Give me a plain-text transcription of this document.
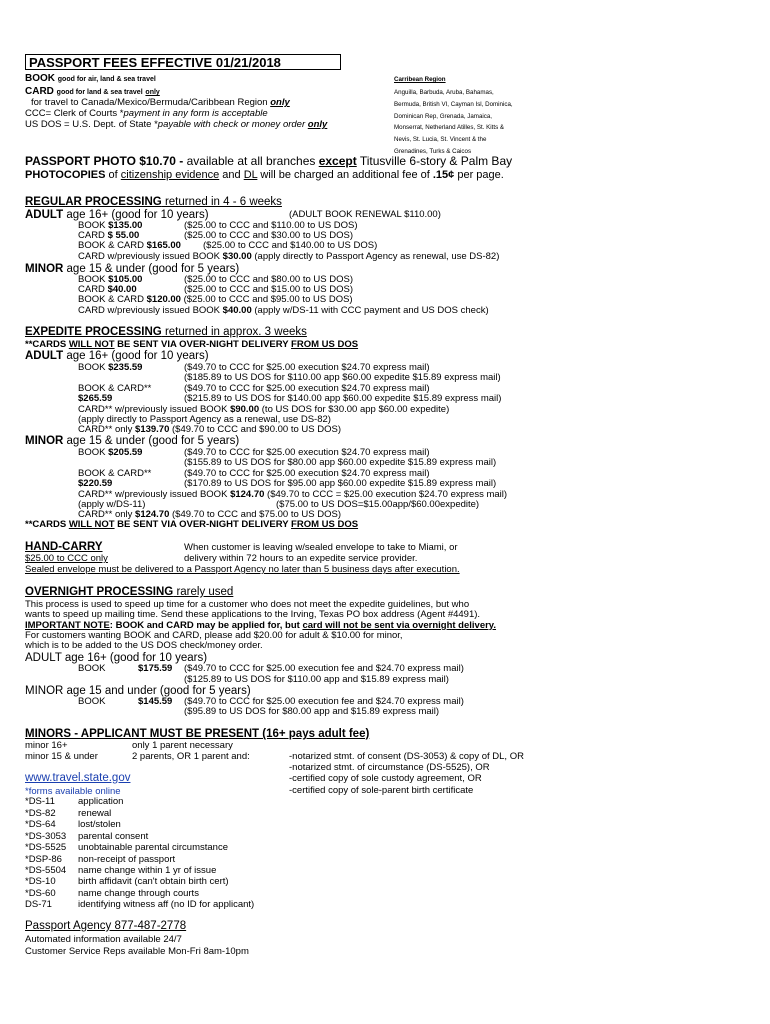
PASSPORT FEES EFFECTIVE 01/21/2018
BOOK good for air, land & sea travel
CARD good for land & sea travel only
for travel to Canada/Mexico/Bermuda/Caribbean Region only
CCC= Clerk of Courts *payment in any form is acceptable
US DOS = U.S. Dept. of State *payable with check or money order only
Carribean Region
Anguilla, Barbuda, Aruba, Bahamas,
Bermuda, British VI, Cayman Isl, Dominica,
Dominican Rep, Grenada, Jamaica,
Monserrat, Netherland Atilles, St. Kitts &
Nevis, St. Lucia, St. Vincent & the
Grenadines, Turks & Caicos
PASSPORT PHOTO $10.70 - available at all branches except Titusville 6-story & Palm Bay
PHOTOCOPIES of citizenship evidence and DL will be charged an additional fee of .15¢ per page.
REGULAR PROCESSING returned in 4 - 6 weeks
ADULT age 16+ (good for 10 years)	(ADULT BOOK RENEWAL $110.00)
BOOK $135.00	($25.00 to CCC and $110.00 to US DOS)
CARD $ 55.00	($25.00 to CCC and $30.00 to US DOS)
BOOK & CARD $165.00 ($25.00 to CCC and $140.00 to US DOS)
CARD w/previously issued BOOK $30.00 (apply directly to Passport Agency as renewal, use DS-82)
MINOR age 15 & under (good for 5 years)
BOOK $105.00	($25.00 to CCC and $80.00 to US DOS)
CARD $40.00	($25.00 to CCC and $15.00 to US DOS)
BOOK & CARD $120.00 ($25.00 to CCC and $95.00 to US DOS)
CARD w/previously issued BOOK $40.00 (apply w/DS-11 with CCC payment and US DOS check)
EXPEDITE PROCESSING returned in approx. 3 weeks
**CARDS WILL NOT BE SENT VIA OVER-NIGHT DELIVERY FROM US DOS
ADULT age 16+ (good for 10 years)
BOOK $235.59	($49.70 to CCC for $25.00 execution $24.70 express mail)
($185.89 to US DOS for $110.00 app $60.00 expedite $15.89 express mail)
BOOK & CARD**	($49.70 to CCC for $25.00 execution $24.70 express mail)
$265.59	($215.89 to US DOS for $140.00 app $60.00 expedite $15.89 express mail)
CARD** w/previously issued BOOK $90.00 (to US DOS for $30.00 app $60.00 expedite)
(apply directly to Passport Agency as a renewal, use DS-82)
CARD** only $139.70 ($49.70 to CCC and $90.00 to US DOS)
MINOR age 15 & under (good for 5 years)
BOOK $205.59	($49.70 to CCC for $25.00 execution $24.70 express mail)
($155.89 to US DOS for $80.00 app $60.00 expedite $15.89 express mail)
BOOK & CARD**	($49.70 to CCC for $25.00 execution $24.70 express mail)
$220.59	($170.89 to US DOS for $95.00 app $60.00 expedite $15.89 express mail)
CARD** w/previously issued BOOK $124.70 ($49.70 to CCC = $25.00 execution $24.70 express mail)
(apply w/DS-11)	($75.00 to US DOS=$15.00app/$60.00expedite)
CARD** only $124.70 ($49.70 to CCC and $75.00 to US DOS)
**CARDS WILL NOT BE SENT VIA OVER-NIGHT DELIVERY FROM US DOS
HAND-CARRY	When customer is leaving w/sealed envelope to take to Miami, or
$25.00 to CCC only	delivery within 72 hours to an expedite service provider.
Sealed envelope must be delivered to a Passport Agency no later than 5 business days after execution.
OVERNIGHT PROCESSING rarely used
This process is used to speed up time for a customer who does not meet the expedite guidelines, but who
wants to speed up mailing time. Send these applications to the Irving, Texas PO box address (Agent #4491).
IMPORTANT NOTE: BOOK and CARD may be applied for, but card will not be sent via overnight delivery.
For customers wanting BOOK and CARD, please add $20.00 for adult & $10.00 for minor,
which is to be added to the US DOS check/money order.
ADULT age 16+ (good for 10 years)
BOOK	$175.59 ($49.70 to CCC for $25.00 execution fee and $24.70 express mail)
($125.89 to US DOS for $110.00 app and $15.89 express mail)
MINOR age 15 and under (good for 5 years)
BOOK	$145.59 ($49.70 to CCC for $25.00 execution fee and $24.70 express mail)
($95.89 to US DOS for $80.00 app and $15.89 express mail)
MINORS - APPLICANT MUST BE PRESENT (16+ pays adult fee)
minor 16+	only 1 parent necessary
minor 15 & under	2 parents, OR 1 parent and:	-notarized stmt. of consent (DS-3053) & copy of DL, OR
-notarized stmt. of circumstance (DS-5525), OR
-certified copy of sole custody agreement, OR
-certified copy of sole-parent birth certificate
www.travel.state.gov
*forms available online
*DS-11 application
*DS-82 renewal
*DS-64 lost/stolen
*DS-3053 parental consent
*DS-5525 unobtainable parental circumstance
*DSP-86 non-receipt of passport
*DS-5504 name change within 1 yr of issue
*DS-10 birth affidavit (can't obtain birth cert)
*DS-60 name change through courts
DS-71	identifying witness aff (no ID for applicant)
Passport Agency 877-487-2778
Automated information available 24/7
Customer Service Reps available Mon-Fri 8am-10pm
